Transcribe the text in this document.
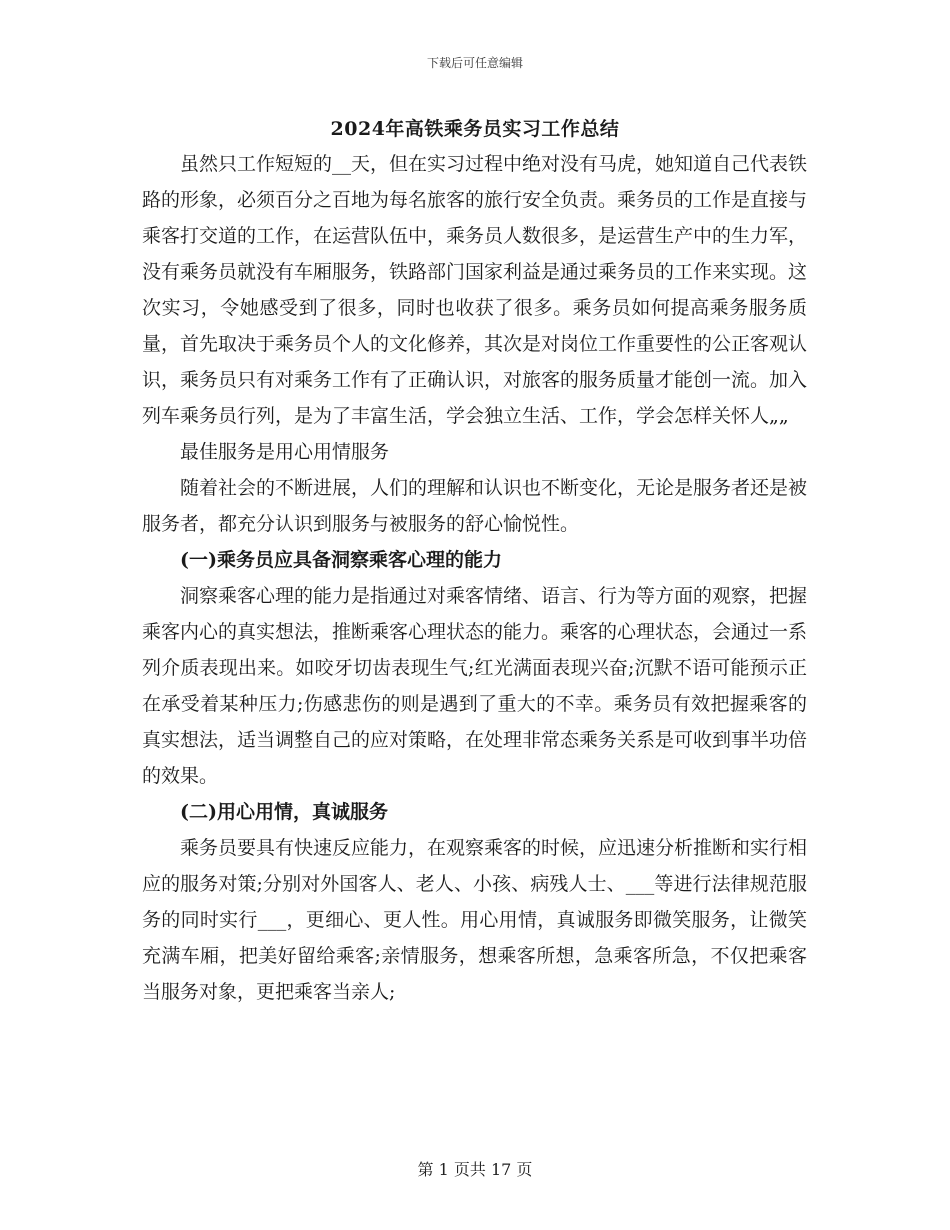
下载后可任意编辑
2024年高铁乘务员实习工作总结

虽然只工作短短的__天，但在实习过程中绝对没有马虎，她知道自己代表铁路的形象，必须百分之百地为每名旅客的旅行安全负责。乘务员的工作是直接与乘客打交道的工作，在运营队伍中，乘务员人数很多，是运营生产中的生力军，没有乘务员就没有车厢服务，铁路部门国家利益是通过乘务员的工作来实现。这次实习，令她感受到了很多，同时也收获了很多。乘务员如何提高乘务服务质量，首先取决于乘务员个人的文化修养，其次是对岗位工作重要性的公正客观认识，乘务员只有对乘务工作有了正确认识，对旅客的服务质量才能创一流。加入列车乘务员行列，是为了丰富生活，学会独立生活、工作，学会怎样关怀人„„

最佳服务是用心用情服务

随着社会的不断进展，人们的理解和认识也不断变化，无论是服务者还是被服务者，都充分认识到服务与被服务的舒心愉悦性。

(一)乘务员应具备洞察乘客心理的能力

洞察乘客心理的能力是指通过对乘客情绪、语言、行为等方面的观察，把握乘客内心的真实想法，推断乘客心理状态的能力。乘客的心理状态，会通过一系列介质表现出来。如咬牙切齿表现生气;红光满面表现兴奋;沉默不语可能预示正在承受着某种压力;伤感悲伤的则是遇到了重大的不幸。乘务员有效把握乘客的真实想法，适当调整自己的应对策略，在处理非常态乘务关系是可收到事半功倍的效果。

(二)用心用情，真诚服务

乘务员要具有快速反应能力，在观察乘客的时候，应迅速分析推断和实行相应的服务对策;分别对外国客人、老人、小孩、病残人士、___等进行法律规范服务的同时实行___，更细心、更人性。用心用情，真诚服务即微笑服务，让微笑充满车厢，把美好留给乘客;亲情服务，想乘客所想，急乘客所急，不仅把乘客当服务对象，更把乘客当亲人;

第 1 页共 17 页
